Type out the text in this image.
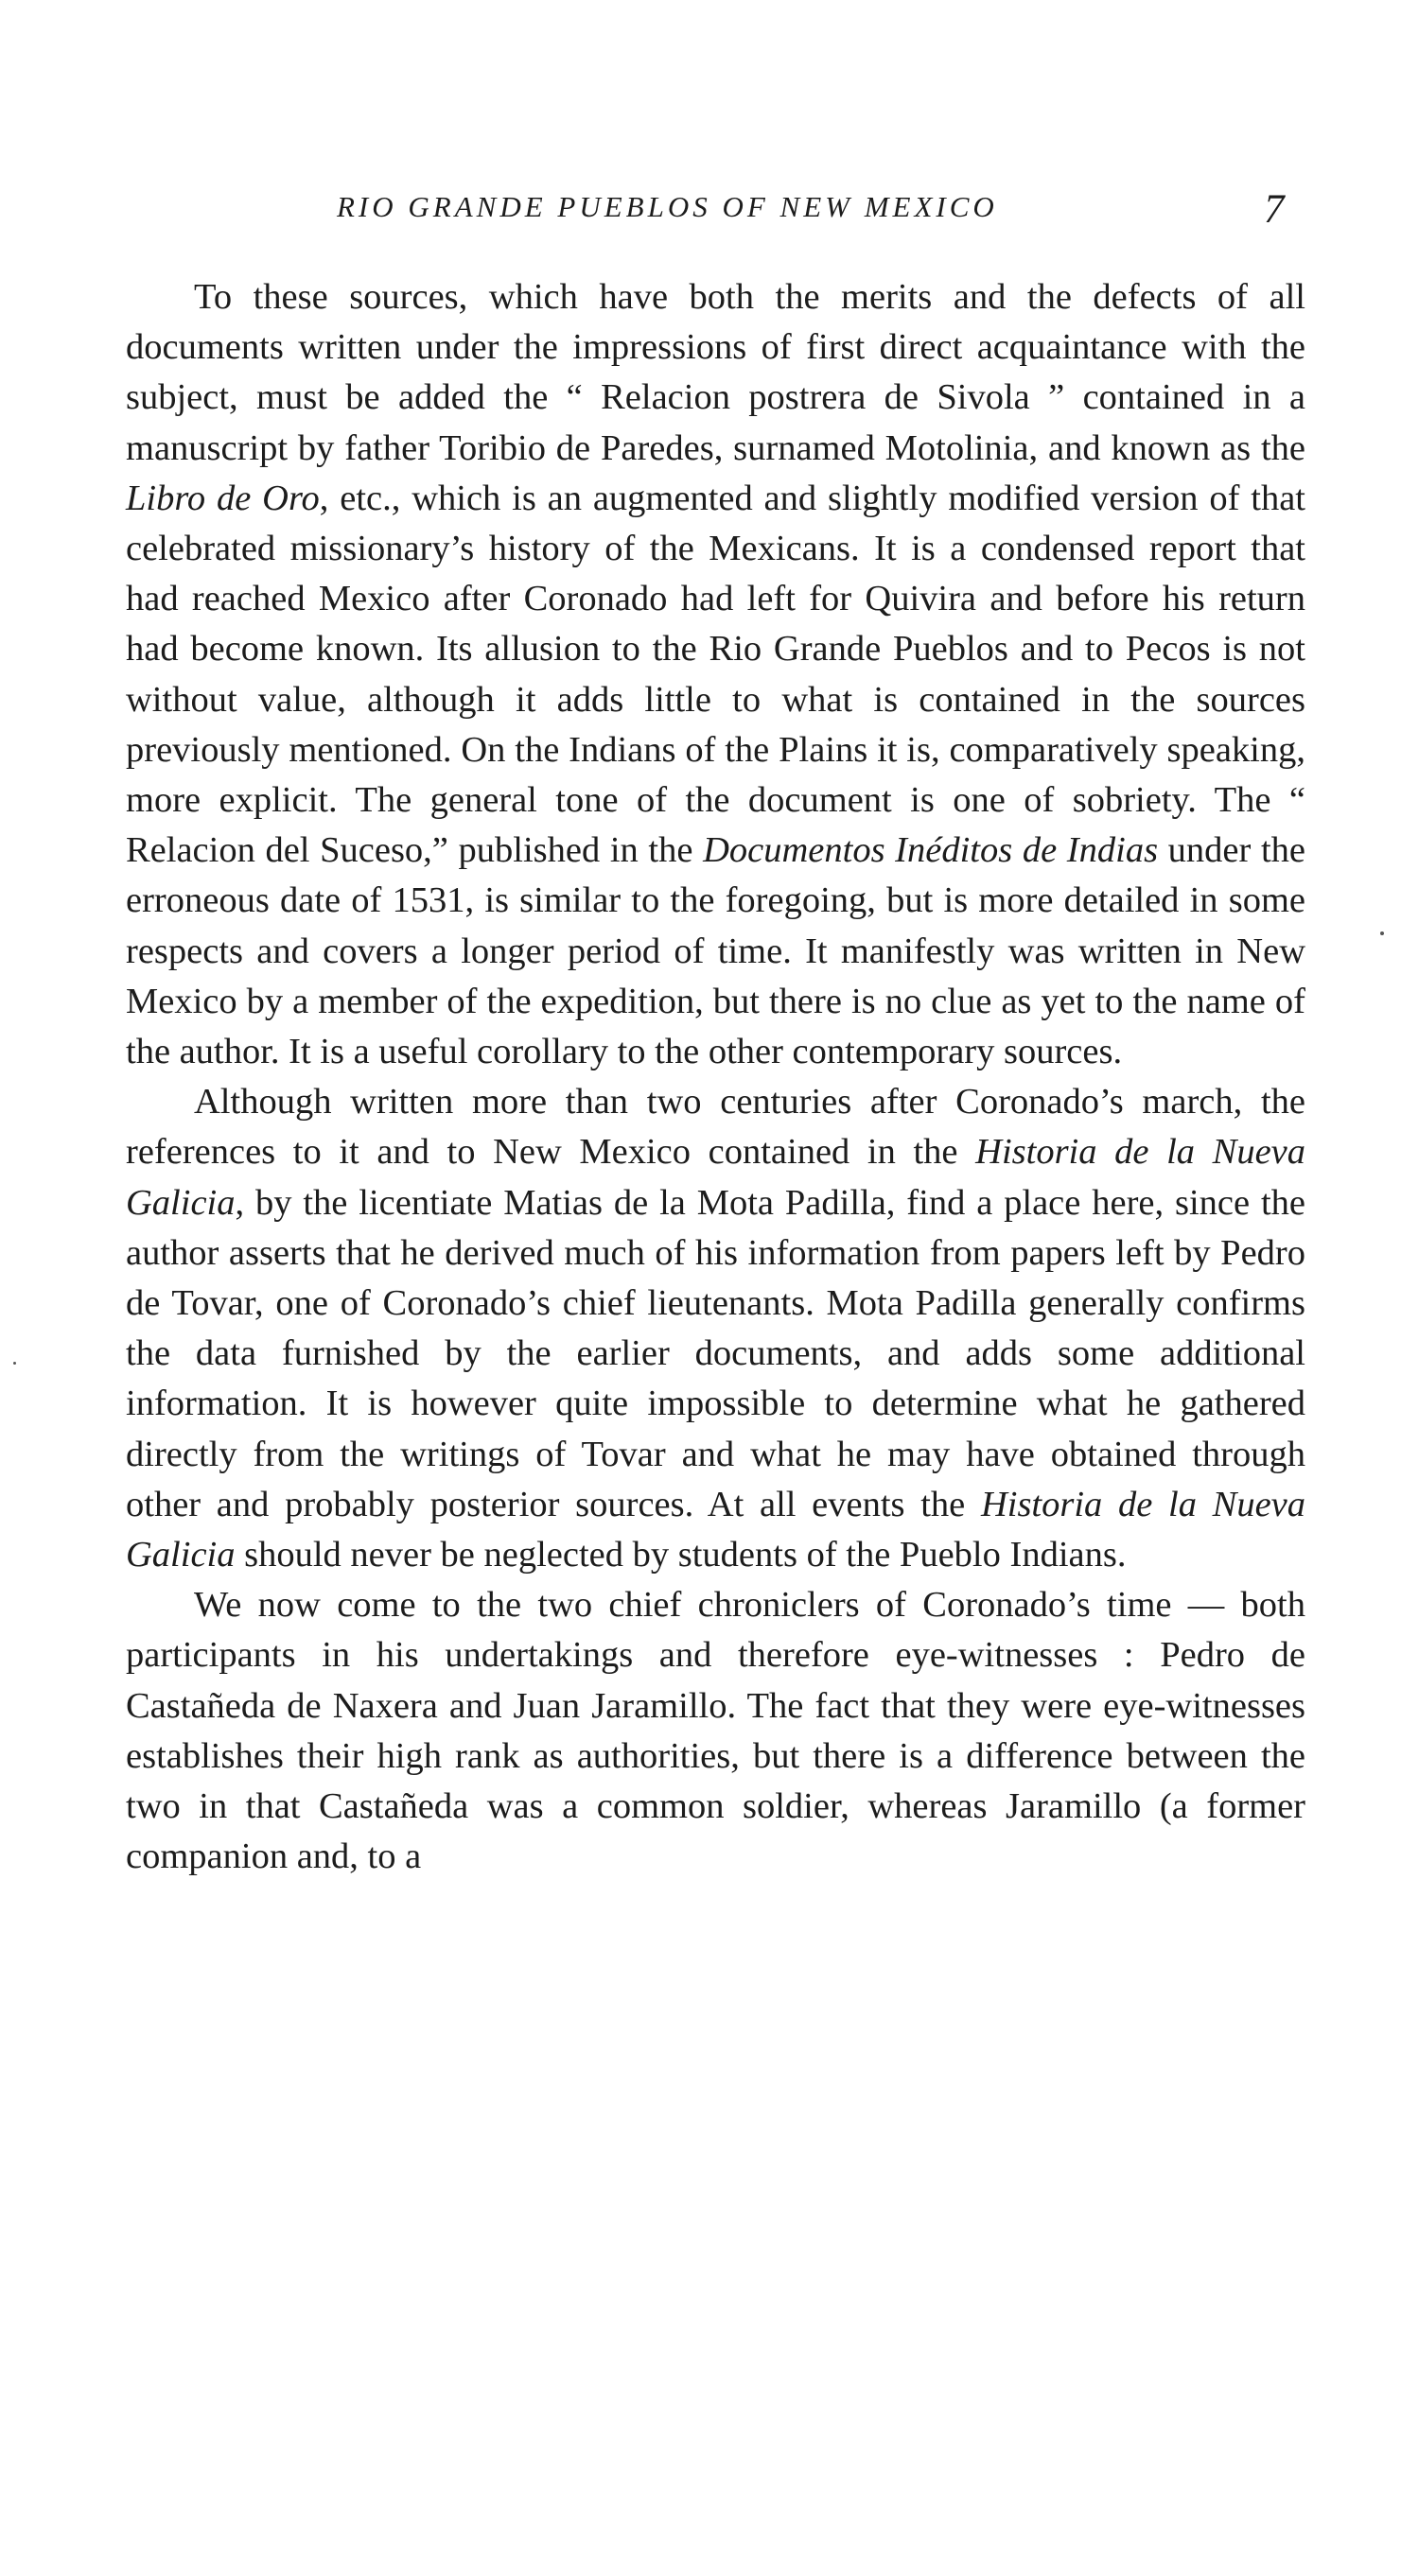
RIO GRANDE PUEBLOS OF NEW MEXICO	7

To these sources, which have both the merits and the defects of all documents written under the impressions of first direct acquaintance with the subject, must be added the “ Relacion postrera de Sivola ” contained in a manuscript by father Toribio de Paredes, surnamed Motolinia, and known as the Libro de Oro, etc., which is an augmented and slightly modified version of that celebrated missionary’s history of the Mexicans. It is a condensed report that had reached Mexico after Coronado had left for Quivira and before his return had become known. Its allusion to the Rio Grande Pueblos and to Pecos is not without value, although it adds little to what is contained in the sources previously mentioned. On the Indians of the Plains it is, comparatively speaking, more explicit. The general tone of the document is one of sobriety. The “ Relacion del Suceso,” published in the Documentos Inéditos de Indias under the erroneous date of 1531, is similar to the foregoing, but is more detailed in some respects and covers a longer period of time. It manifestly was written in New Mexico by a member of the expedition, but there is no clue as yet to the name of the author. It is a useful corollary to the other contemporary sources.

Although written more than two centuries after Coronado’s march, the references to it and to New Mexico contained in the Historia de la Nueva Galicia, by the licentiate Matias de la Mota Padilla, find a place here, since the author asserts that he derived much of his information from papers left by Pedro de Tovar, one of Coronado’s chief lieutenants. Mota Padilla generally confirms the data furnished by the earlier documents, and adds some additional information. It is however quite impossible to determine what he gathered directly from the writings of Tovar and what he may have obtained through other and probably posterior sources. At all events the Historia de la Nueva Galicia should never be neglected by students of the Pueblo Indians.

We now come to the two chief chroniclers of Coronado’s time — both participants in his undertakings and therefore eye-witnesses : Pedro de Castañeda de Naxera and Juan Jaramillo. The fact that they were eye-witnesses establishes their high rank as authorities, but there is a difference between the two in that Castañeda was a common soldier, whereas Jaramillo (a former companion and, to a
